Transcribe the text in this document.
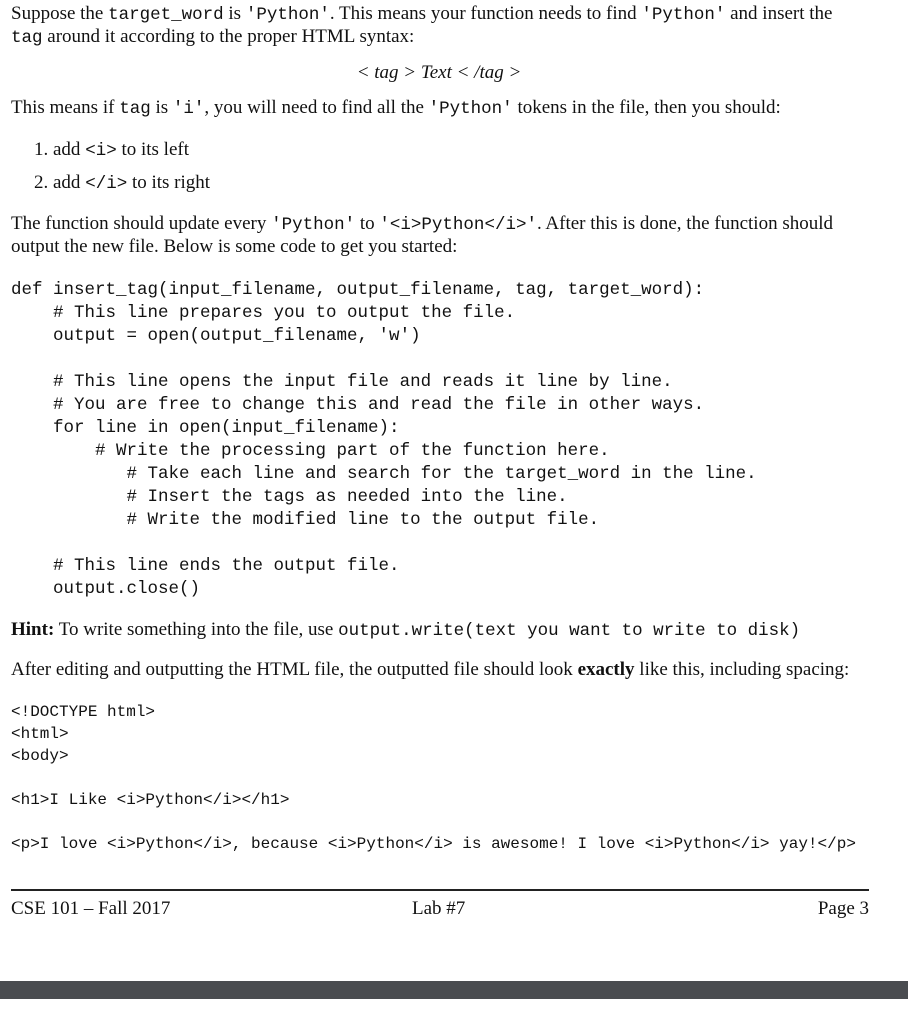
Suppose the target_word is 'Python'. This means your function needs to find 'Python' and insert the
tag around it according to the proper HTML syntax:
< tag > Text < /tag >
This means if tag is 'i', you will need to find all the 'Python' tokens in the file, then you should:
1. add <i> to its left
2. add </i> to its right
The function should update every 'Python' to '<i>Python</i>'. After this is done, the function should
output the new file. Below is some code to get you started:
def insert_tag(input_filename, output_filename, tag, target_word):
# This line prepares you to output the file.
output = open(output_filename, 'w')

# This line opens the input file and reads it line by line.
# You are free to change this and read the file in other ways.
for line in open(input_filename):
# Write the processing part of the function here.
# Take each line and search for the target_word in the line.
# Insert the tags as needed into the line.
# Write the modified line to the output file.

# This line ends the output file.
output.close()
Hint: To write something into the file, use output.write(text you want to write to disk)
After editing and outputting the HTML file, the outputted file should look exactly like this, including spacing:
<!DOCTYPE html>
<html>
<body>

<h1>I Like <i>Python</i></h1>

<p>I love <i>Python</i>, because <i>Python</i> is awesome! I love <i>Python</i> yay!</p>
CSE 101 – Fall 2017	Lab #7	Page 3
